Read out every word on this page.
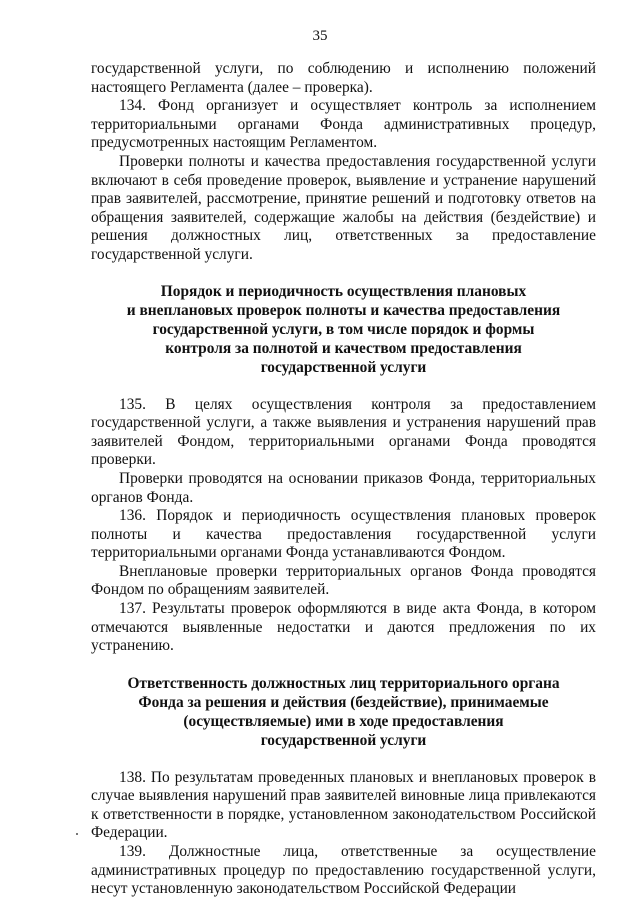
35

государственной услуги, по соблюдению и исполнению положений настоящего Регламента (далее – проверка).

134. Фонд организует и осуществляет контроль за исполнением территориальными органами Фонда административных процедур, предусмотренных настоящим Регламентом.

Проверки полноты и качества предоставления государственной услуги включают в себя проведение проверок, выявление и устранение нарушений прав заявителей, рассмотрение, принятие решений и подготовку ответов на обращения заявителей, содержащие жалобы на действия (бездействие) и решения должностных лиц, ответственных за предоставление государственной услуги.

Порядок и периодичность осуществления плановых
и внеплановых проверок полноты и качества предоставления
государственной услуги, в том числе порядок и формы
контроля за полнотой и качеством предоставления
государственной услуги

135. В целях осуществления контроля за предоставлением государственной услуги, а также выявления и устранения нарушений прав заявителей Фондом, территориальными органами Фонда проводятся проверки.

Проверки проводятся на основании приказов Фонда, территориальных органов Фонда.

136. Порядок и периодичность осуществления плановых проверок полноты и качества предоставления государственной услуги территориальными органами Фонда устанавливаются Фондом.

Внеплановые проверки территориальных органов Фонда проводятся Фондом по обращениям заявителей.

137. Результаты проверок оформляются в виде акта Фонда, в котором отмечаются выявленные недостатки и даются предложения по их устранению.

Ответственность должностных лиц территориального органа
Фонда за решения и действия (бездействие), принимаемые
(осуществляемые) ими в ходе предоставления
государственной услуги

138. По результатам проведенных плановых и внеплановых проверок в случае выявления нарушений прав заявителей виновные лица привлекаются к ответственности в порядке, установленном законодательством Российской Федерации.

139. Должностные лица, ответственные за осуществление административных процедур по предоставлению государственной услуги, несут установленную законодательством Российской Федерации
